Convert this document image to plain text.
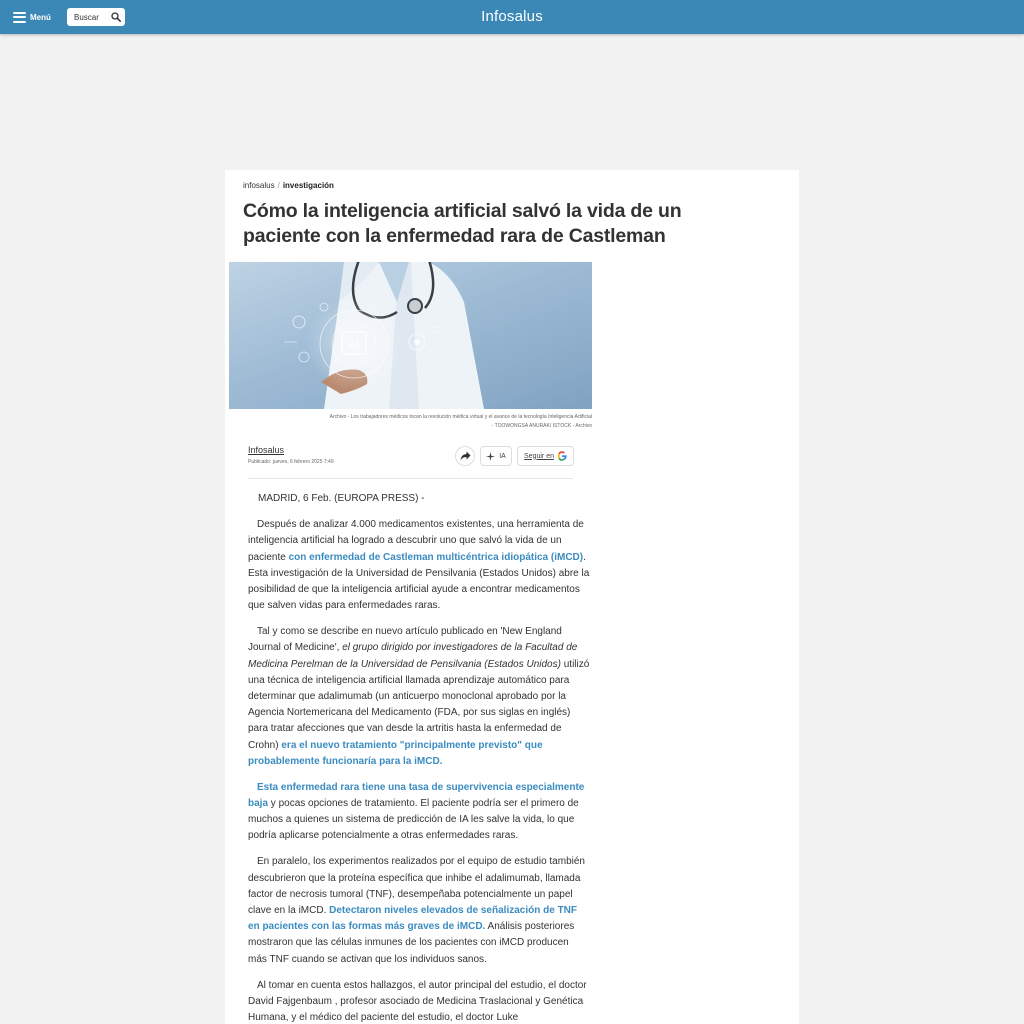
Menú	Buscar	Infosalus
infosalus / investigación
Cómo la inteligencia artificial salvó la vida de un paciente con la enfermedad rara de Castleman
AI
Archivo - Los trabajadores médicos tocan la revolución médica virtual y el avance de la tecnología Inteligencia Artificial
- TOOWONGSA ANURAK/ ISTOCK - Archivo
Infosalus
Publicado: jueves, 6 febrero 2025 7:49
IA	Seguir en

MADRID, 6 Feb. (EUROPA PRESS) -

Después de analizar 4.000 medicamentos existentes, una herramienta de inteligencia artificial ha logrado a descubrir uno que salvó la vida de un paciente con enfermedad de Castleman multicéntrica idiopática (iMCD). Esta investigación de la Universidad de Pensilvania (Estados Unidos) abre la posibilidad de que la inteligencia artificial ayude a encontrar medicamentos que salven vidas para enfermedades raras.

Tal y como se describe en nuevo artículo publicado en 'New England Journal of Medicine', el grupo dirigido por investigadores de la Facultad de Medicina Perelman de la Universidad de Pensilvania (Estados Unidos) utilizó una técnica de inteligencia artificial llamada aprendizaje automático para determinar que adalimumab (un anticuerpo monoclonal aprobado por la Agencia Nortemericana del Medicamento (FDA, por sus siglas en inglés) para tratar afecciones que van desde la artritis hasta la enfermedad de Crohn) era el nuevo tratamiento "principalmente previsto" que probablemente funcionaría para la iMCD.

Esta enfermedad rara tiene una tasa de supervivencia especialmente baja y pocas opciones de tratamiento. El paciente podría ser el primero de muchos a quienes un sistema de predicción de IA les salve la vida, lo que podría aplicarse potencialmente a otras enfermedades raras.

En paralelo, los experimentos realizados por el equipo de estudio también descubrieron que la proteína específica que inhibe el adalimumab, llamada factor de necrosis tumoral (TNF), desempeñaba potencialmente un papel clave en la iMCD. Detectaron niveles elevados de señalización de TNF en pacientes con las formas más graves de iMCD. Análisis posteriores mostraron que las células inmunes de los pacientes con iMCD producen más TNF cuando se activan que los individuos sanos.

Al tomar en cuenta estos hallazgos, el autor principal del estudio, el doctor David Fajgenbaum , profesor asociado de Medicina Traslacional y Genética Humana, y el médico del paciente del estudio, el doctor Luke
